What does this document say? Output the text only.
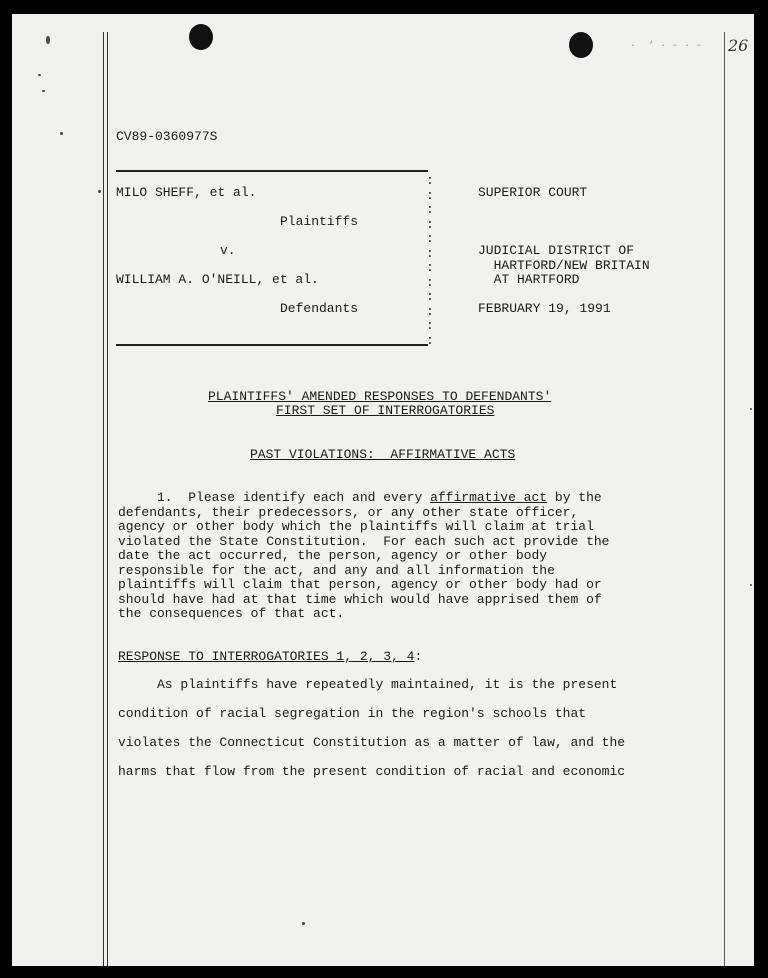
26
·  ‘ · ‐ · ‐
CV89-0360977S
:
:
:
:
:
:
:
:
:
:
:
:
MILO SHEFF, et al.
Plaintiffs
v.
WILLIAM A. O'NEILL, et al.
Defendants
SUPERIOR COURT
JUDICIAL DISTRICT OF
HARTFORD/NEW BRITAIN
AT HARTFORD
FEBRUARY 19, 1991
PLAINTIFFS' AMENDED RESPONSES TO DEFENDANTS'
FIRST SET OF INTERROGATORIES
PAST VIOLATIONS:  AFFIRMATIVE ACTS
1.  Please identify each and every affirmative act by the
defendants, their predecessors, or any other state officer,
agency or other body which the plaintiffs will claim at trial
violated the State Constitution.  For each such act provide the
date the act occurred, the person, agency or other body
responsible for the act, and any and all information the
plaintiffs will claim that person, agency or other body had or
should have had at that time which would have apprised them of
the consequences of that act.
RESPONSE TO INTERROGATORIES 1, 2, 3, 4:
As plaintiffs have repeatedly maintained, it is the present
condition of racial segregation in the region's schools that
violates the Connecticut Constitution as a matter of law, and the
harms that flow from the present condition of racial and economic
